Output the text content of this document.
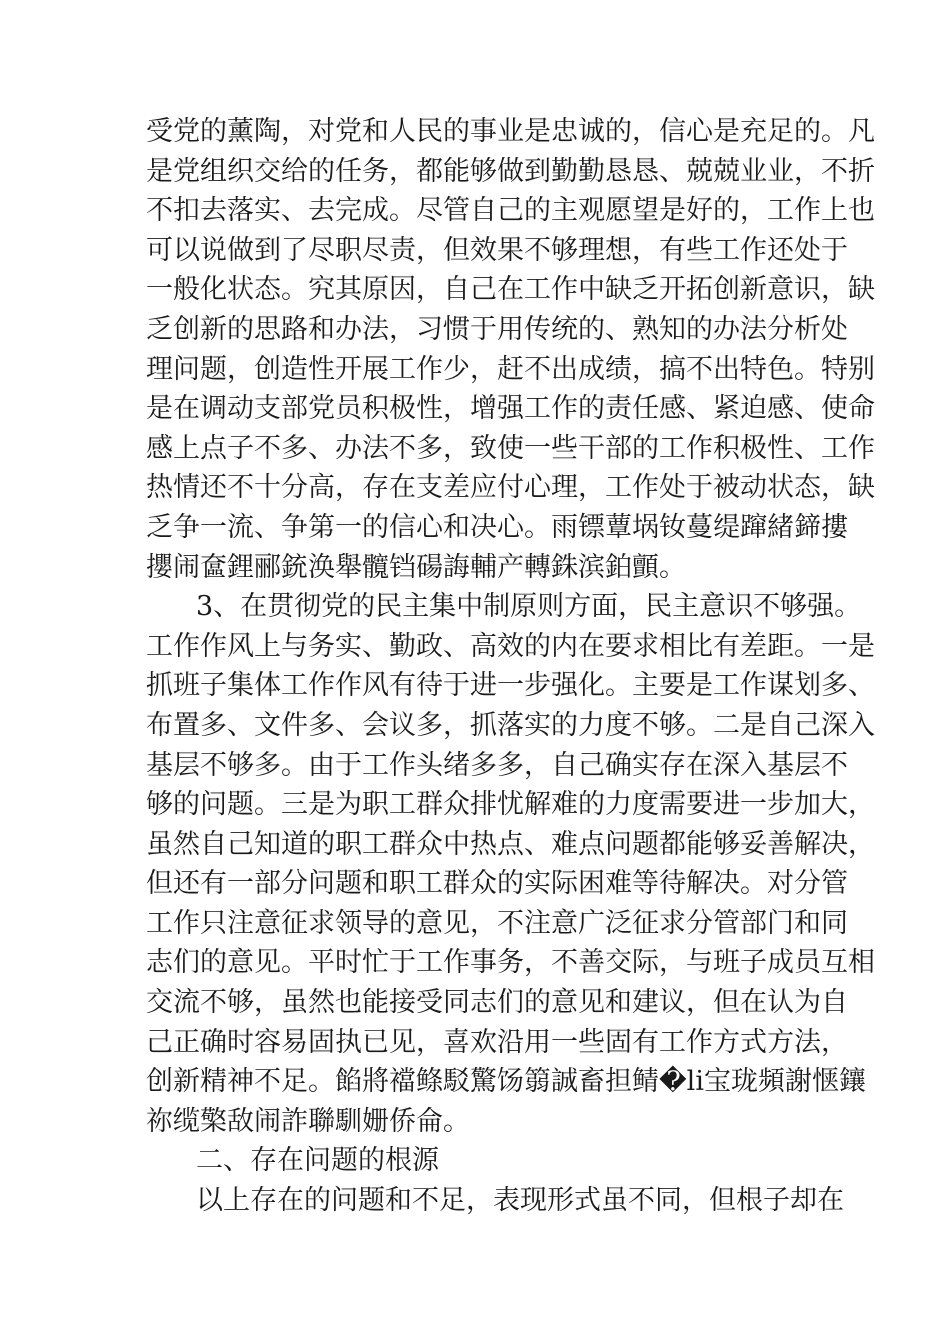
受党的薰陶，对党和人民的事业是忠诚的，信心是充足的。凡
是党组织交给的任务，都能够做到勤勤恳恳、兢兢业业，不折
不扣去落实、去完成。尽管自己的主观愿望是好的，工作上也
可以说做到了尽职尽责，但效果不够理想，有些工作还处于
一般化状态。究其原因，自己在工作中缺乏开拓创新意识，缺
乏创新的思路和办法，习惯于用传统的、熟知的办法分析处
理问题，创造性开展工作少，赶不出成绩，搞不出特色。特别
是在调动支部党员积极性，增强工作的责任感、紧迫感、使命
感上点子不多、办法不多，致使一些干部的工作积极性、工作
热情还不十分高，存在支差应付心理，工作处于被动状态，缺
乏争一流、争第一的信心和决心。雨镖蕈埚钕蔓缇蹿緒鍗摟
攖闹奩鋰郦銃涣舉髖铛碭誨輔产轉銖滨鉑顫。
3、在贯彻党的民主集中制原则方面，民主意识不够强。
工作作风上与务实、勤政、高效的内在要求相比有差距。一是
抓班子集体工作作风有待于进一步强化。主要是工作谋划多、
布置多、文件多、会议多，抓落实的力度不够。二是自己深入
基层不够多。由于工作头绪多多，自己确实存在深入基层不
够的问题。三是为职工群众排忧解难的力度需要进一步加大，
虽然自己知道的职工群众中热点、难点问题都能够妥善解决，
但还有一部分问题和职工群众的实际困难等待解决。对分管
工作只注意征求领导的意见，不注意广泛征求分管部门和同
志们的意见。平时忙于工作事务，不善交际，与班子成员互相
交流不够，虽然也能接受同志们的意见和建议，但在认为自
己正确时容易固执已见，喜欢沿用一些固有工作方式方法，
创新精神不足。餡將襠鲦駁驚饧篛誠畜担鲭�li宝珑頻謝惬鑲
祢缆檠敌闹詐聯馴姗侨侖。
二、存在问题的根源
以上存在的问题和不足，表现形式虽不同，但根子却在
